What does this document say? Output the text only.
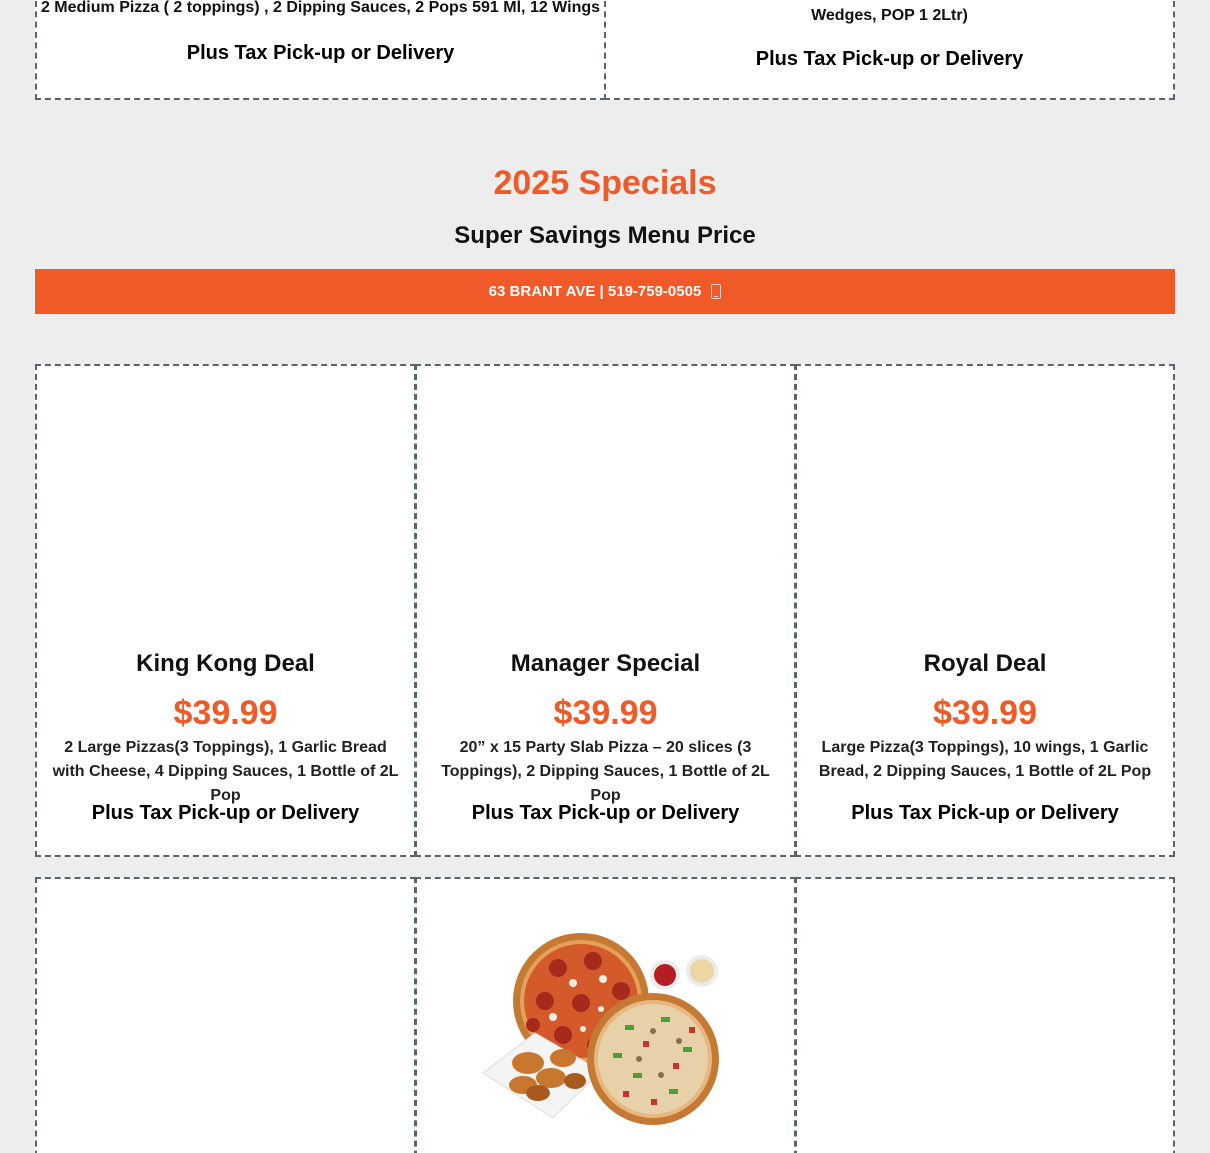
2 Medium Pizza ( 2 toppings) , 2 Dipping Sauces, 2 Pops 591 Ml, 12 Wings
Plus Tax Pick-up or Delivery
Wedges, POP 1 2Ltr)
Plus Tax Pick-up or Delivery
2025 Specials
Super Savings Menu Price
63 BRANT AVE | 519-759-0505
King Kong Deal
$39.99
2 Large Pizzas(3 Toppings), 1 Garlic Bread with Cheese, 4 Dipping Sauces, 1 Bottle of 2L Pop
Plus Tax Pick-up or Delivery
Manager Special
$39.99
20” x 15 Party Slab Pizza – 20 slices (3 Toppings), 2 Dipping Sauces, 1 Bottle of 2L Pop
Plus Tax Pick-up or Delivery
Royal Deal
$39.99
Large Pizza(3 Toppings), 10 wings, 1 Garlic Bread, 2 Dipping Sauces, 1 Bottle of 2L Pop
Plus Tax Pick-up or Delivery
